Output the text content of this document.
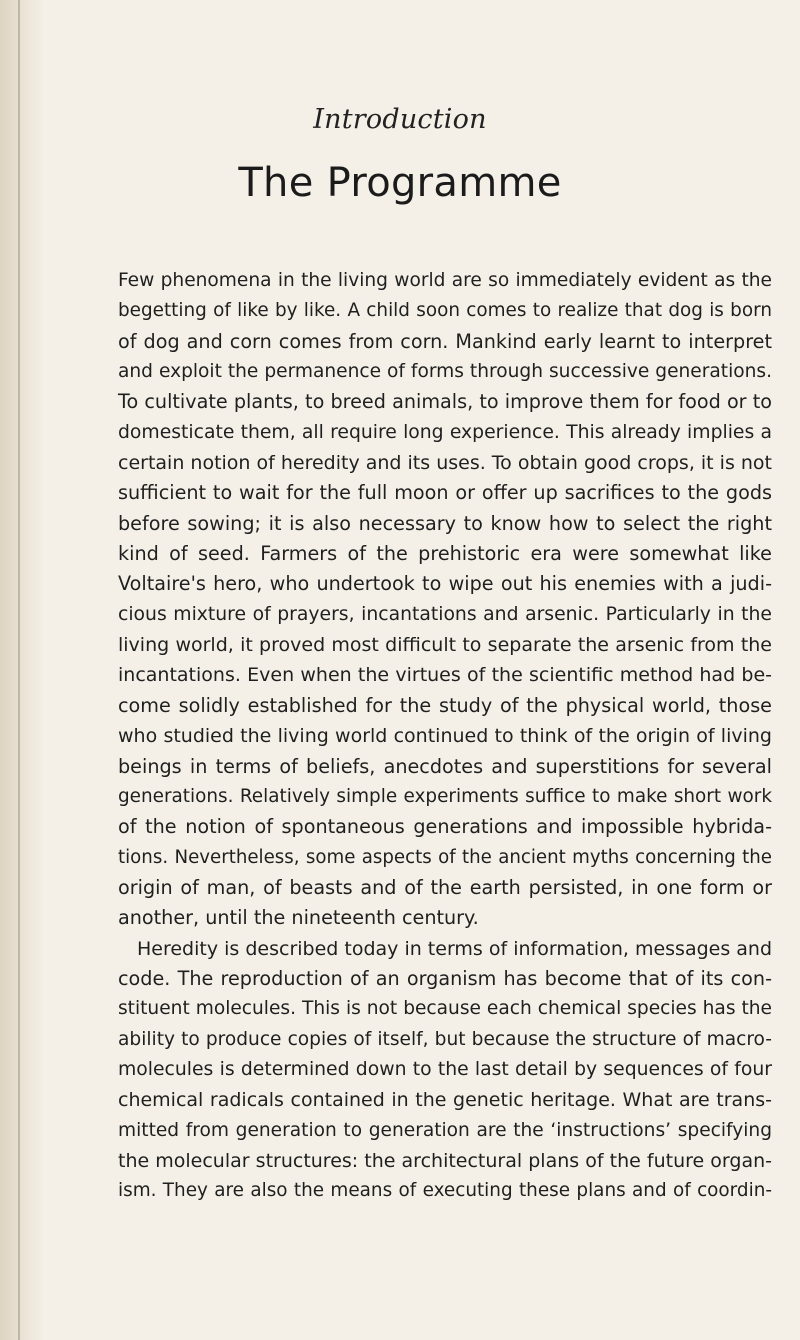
Introduction
The Programme
Few phenomena in the living world are so immediately evident as the
begetting of like by like. A child soon comes to realize that dog is born
of dog and corn comes from corn. Mankind early learnt to interpret
and exploit the permanence of forms through successive generations.
To cultivate plants, to breed animals, to improve them for food or to
domesticate them, all require long experience. This already implies a
certain notion of heredity and its uses. To obtain good crops, it is not
sufficient to wait for the full moon or offer up sacrifices to the gods
before sowing; it is also necessary to know how to select the right
kind of seed. Farmers of the prehistoric era were somewhat like
Voltaire's hero, who undertook to wipe out his enemies with a judi-
cious mixture of prayers, incantations and arsenic. Particularly in the
living world, it proved most difficult to separate the arsenic from the
incantations. Even when the virtues of the scientific method had be-
come solidly established for the study of the physical world, those
who studied the living world continued to think of the origin of living
beings in terms of beliefs, anecdotes and superstitions for several
generations. Relatively simple experiments suffice to make short work
of the notion of spontaneous generations and impossible hybrida-
tions. Nevertheless, some aspects of the ancient myths concerning the
origin of man, of beasts and of the earth persisted, in one form or
another, until the nineteenth century.
Heredity is described today in terms of information, messages and
code. The reproduction of an organism has become that of its con-
stituent molecules. This is not because each chemical species has the
ability to produce copies of itself, but because the structure of macro-
molecules is determined down to the last detail by sequences of four
chemical radicals contained in the genetic heritage. What are trans-
mitted from generation to generation are the ‘instructions’ specifying
the molecular structures: the architectural plans of the future organ-
ism. They are also the means of executing these plans and of coordin-
